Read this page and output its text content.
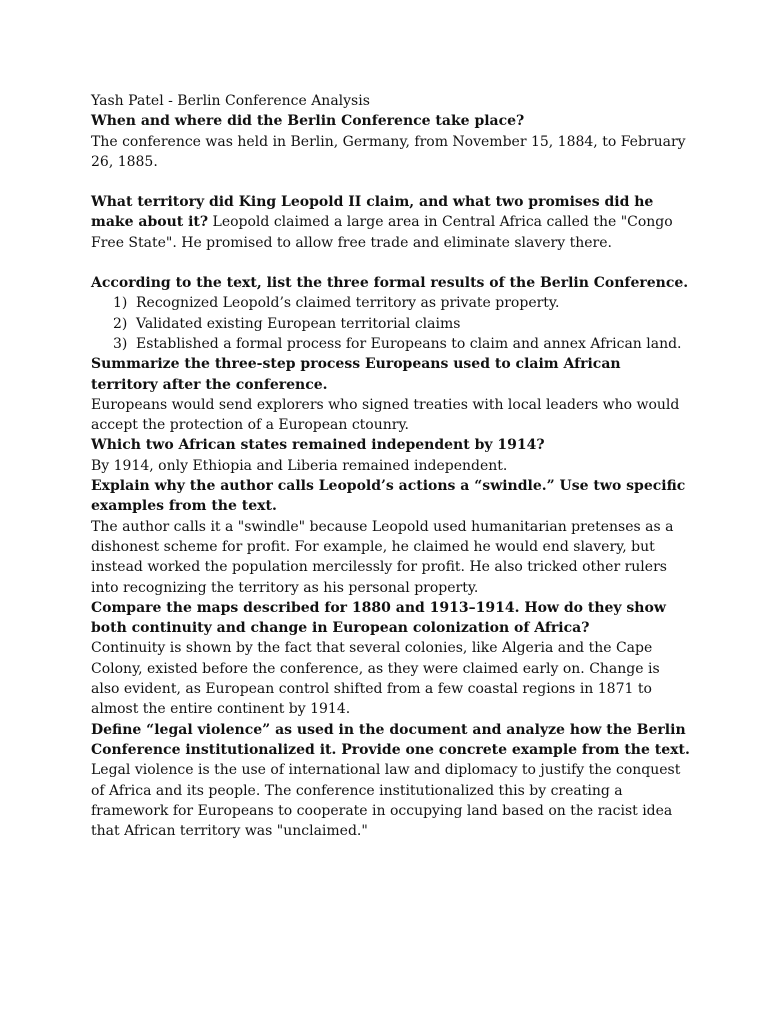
Yash Patel - Berlin Conference Analysis

When and where did the Berlin Conference take place?

The conference was held in Berlin, Germany, from November 15, 1884, to February 26, 1885.

What territory did King Leopold II claim, and what two promises did he make about it? Leopold claimed a large area in Central Africa called the "Congo Free State". He promised to allow free trade and eliminate slavery there.

According to the text, list the three formal results of the Berlin Conference.

1) Recognized Leopold’s claimed territory as private property.
2) Validated existing European territorial claims
3) Established a formal process for Europeans to claim and annex African land.

Summarize the three-step process Europeans used to claim African territory after the conference.

Europeans would send explorers who signed treaties with local leaders who would accept the protection of a European ctounry.

Which two African states remained independent by 1914?

By 1914, only Ethiopia and Liberia remained independent.

Explain why the author calls Leopold’s actions a “swindle.” Use two specific examples from the text.

The author calls it a "swindle" because Leopold used humanitarian pretenses as a dishonest scheme for profit. For example, he claimed he would end slavery, but instead worked the population mercilessly for profit. He also tricked other rulers into recognizing the territory as his personal property.

Compare the maps described for 1880 and 1913–1914. How do they show both continuity and change in European colonization of Africa?

Continuity is shown by the fact that several colonies, like Algeria and the Cape Colony, existed before the conference, as they were claimed early on. Change is also evident, as European control shifted from a few coastal regions in 1871 to almost the entire continent by 1914.

Define “legal violence” as used in the document and analyze how the Berlin Conference institutionalized it. Provide one concrete example from the text.

Legal violence is the use of international law and diplomacy to justify the conquest of Africa and its people. The conference institutionalized this by creating a framework for Europeans to cooperate in occupying land based on the racist idea that African territory was "unclaimed."
